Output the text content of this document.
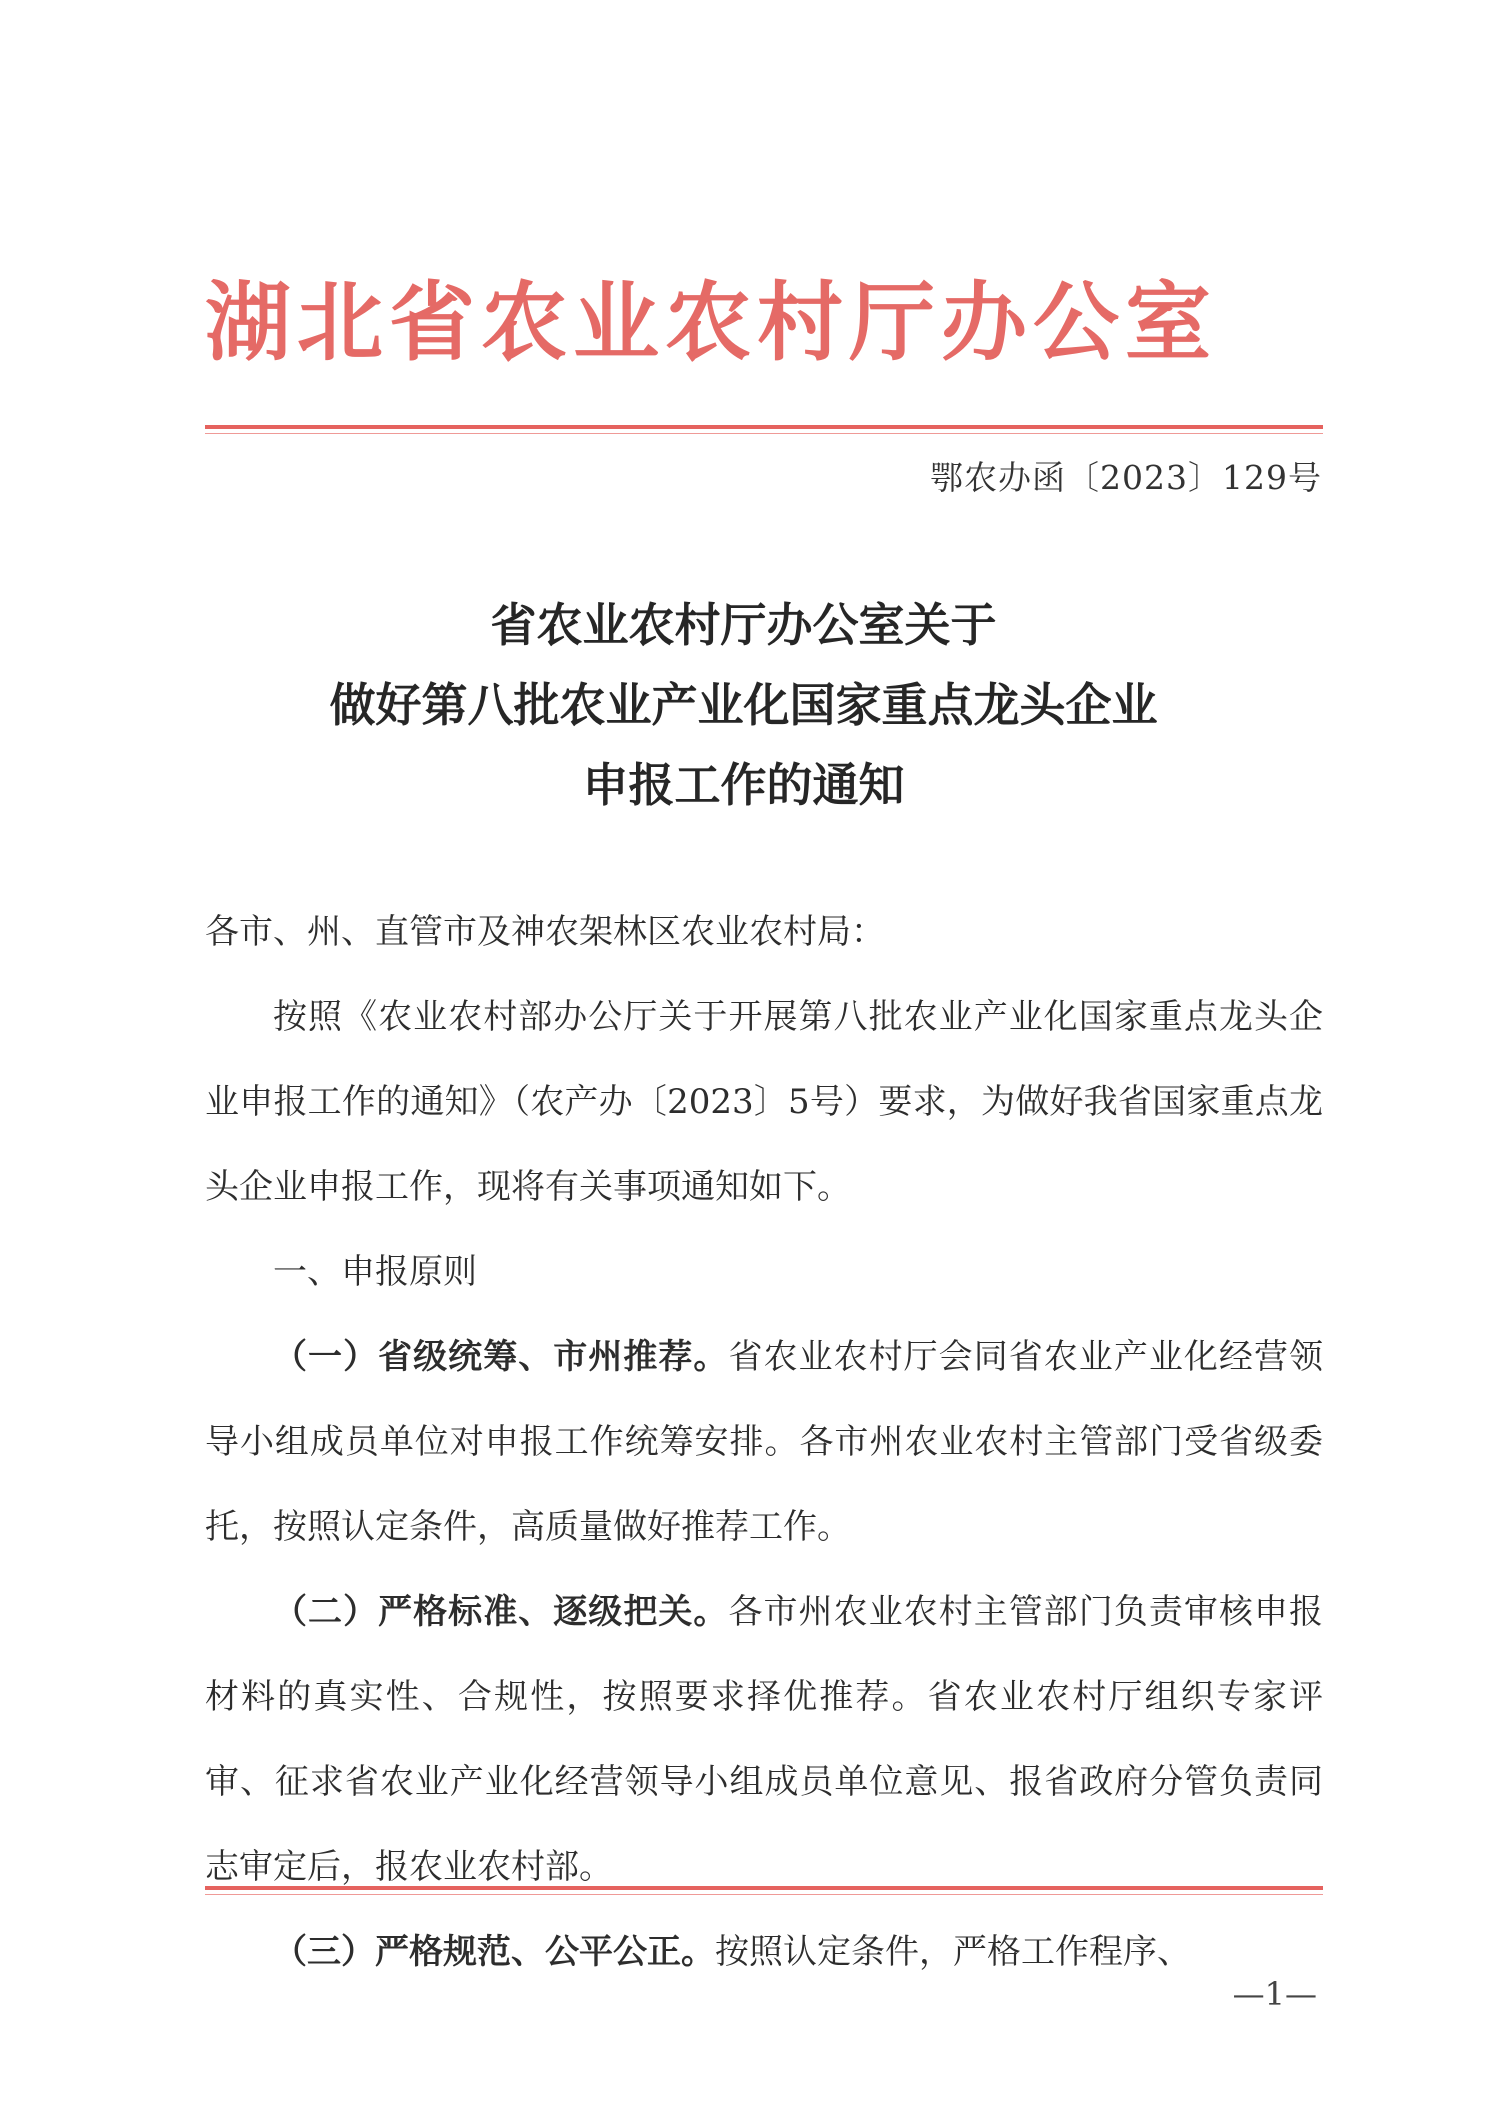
湖北省农业农村厅办公室
鄂农办函〔2023〕129号
省农业农村厅办公室关于
做好第八批农业产业化国家重点龙头企业
申报工作的通知

各市、州、直管市及神农架林区农业农村局：

按照《农业农村部办公厅关于开展第八批农业产业化国家重点龙头企业申报工作的通知》（农产办〔2023〕5号）要求，为做好我省国家重点龙头企业申报工作，现将有关事项通知如下。

一、申报原则

（一）省级统筹、市州推荐。省农业农村厅会同省农业产业化经营领导小组成员单位对申报工作统筹安排。各市州农业农村主管部门受省级委托，按照认定条件，高质量做好推荐工作。

（二）严格标准、逐级把关。各市州农业农村主管部门负责审核申报材料的真实性、合规性，按照要求择优推荐。省农业农村厅组织专家评审、征求省农业产业化经营领导小组成员单位意见、报省政府分管负责同志审定后，报农业农村部。

（三）严格规范、公平公正。按照认定条件，严格工作程序、

—1—
